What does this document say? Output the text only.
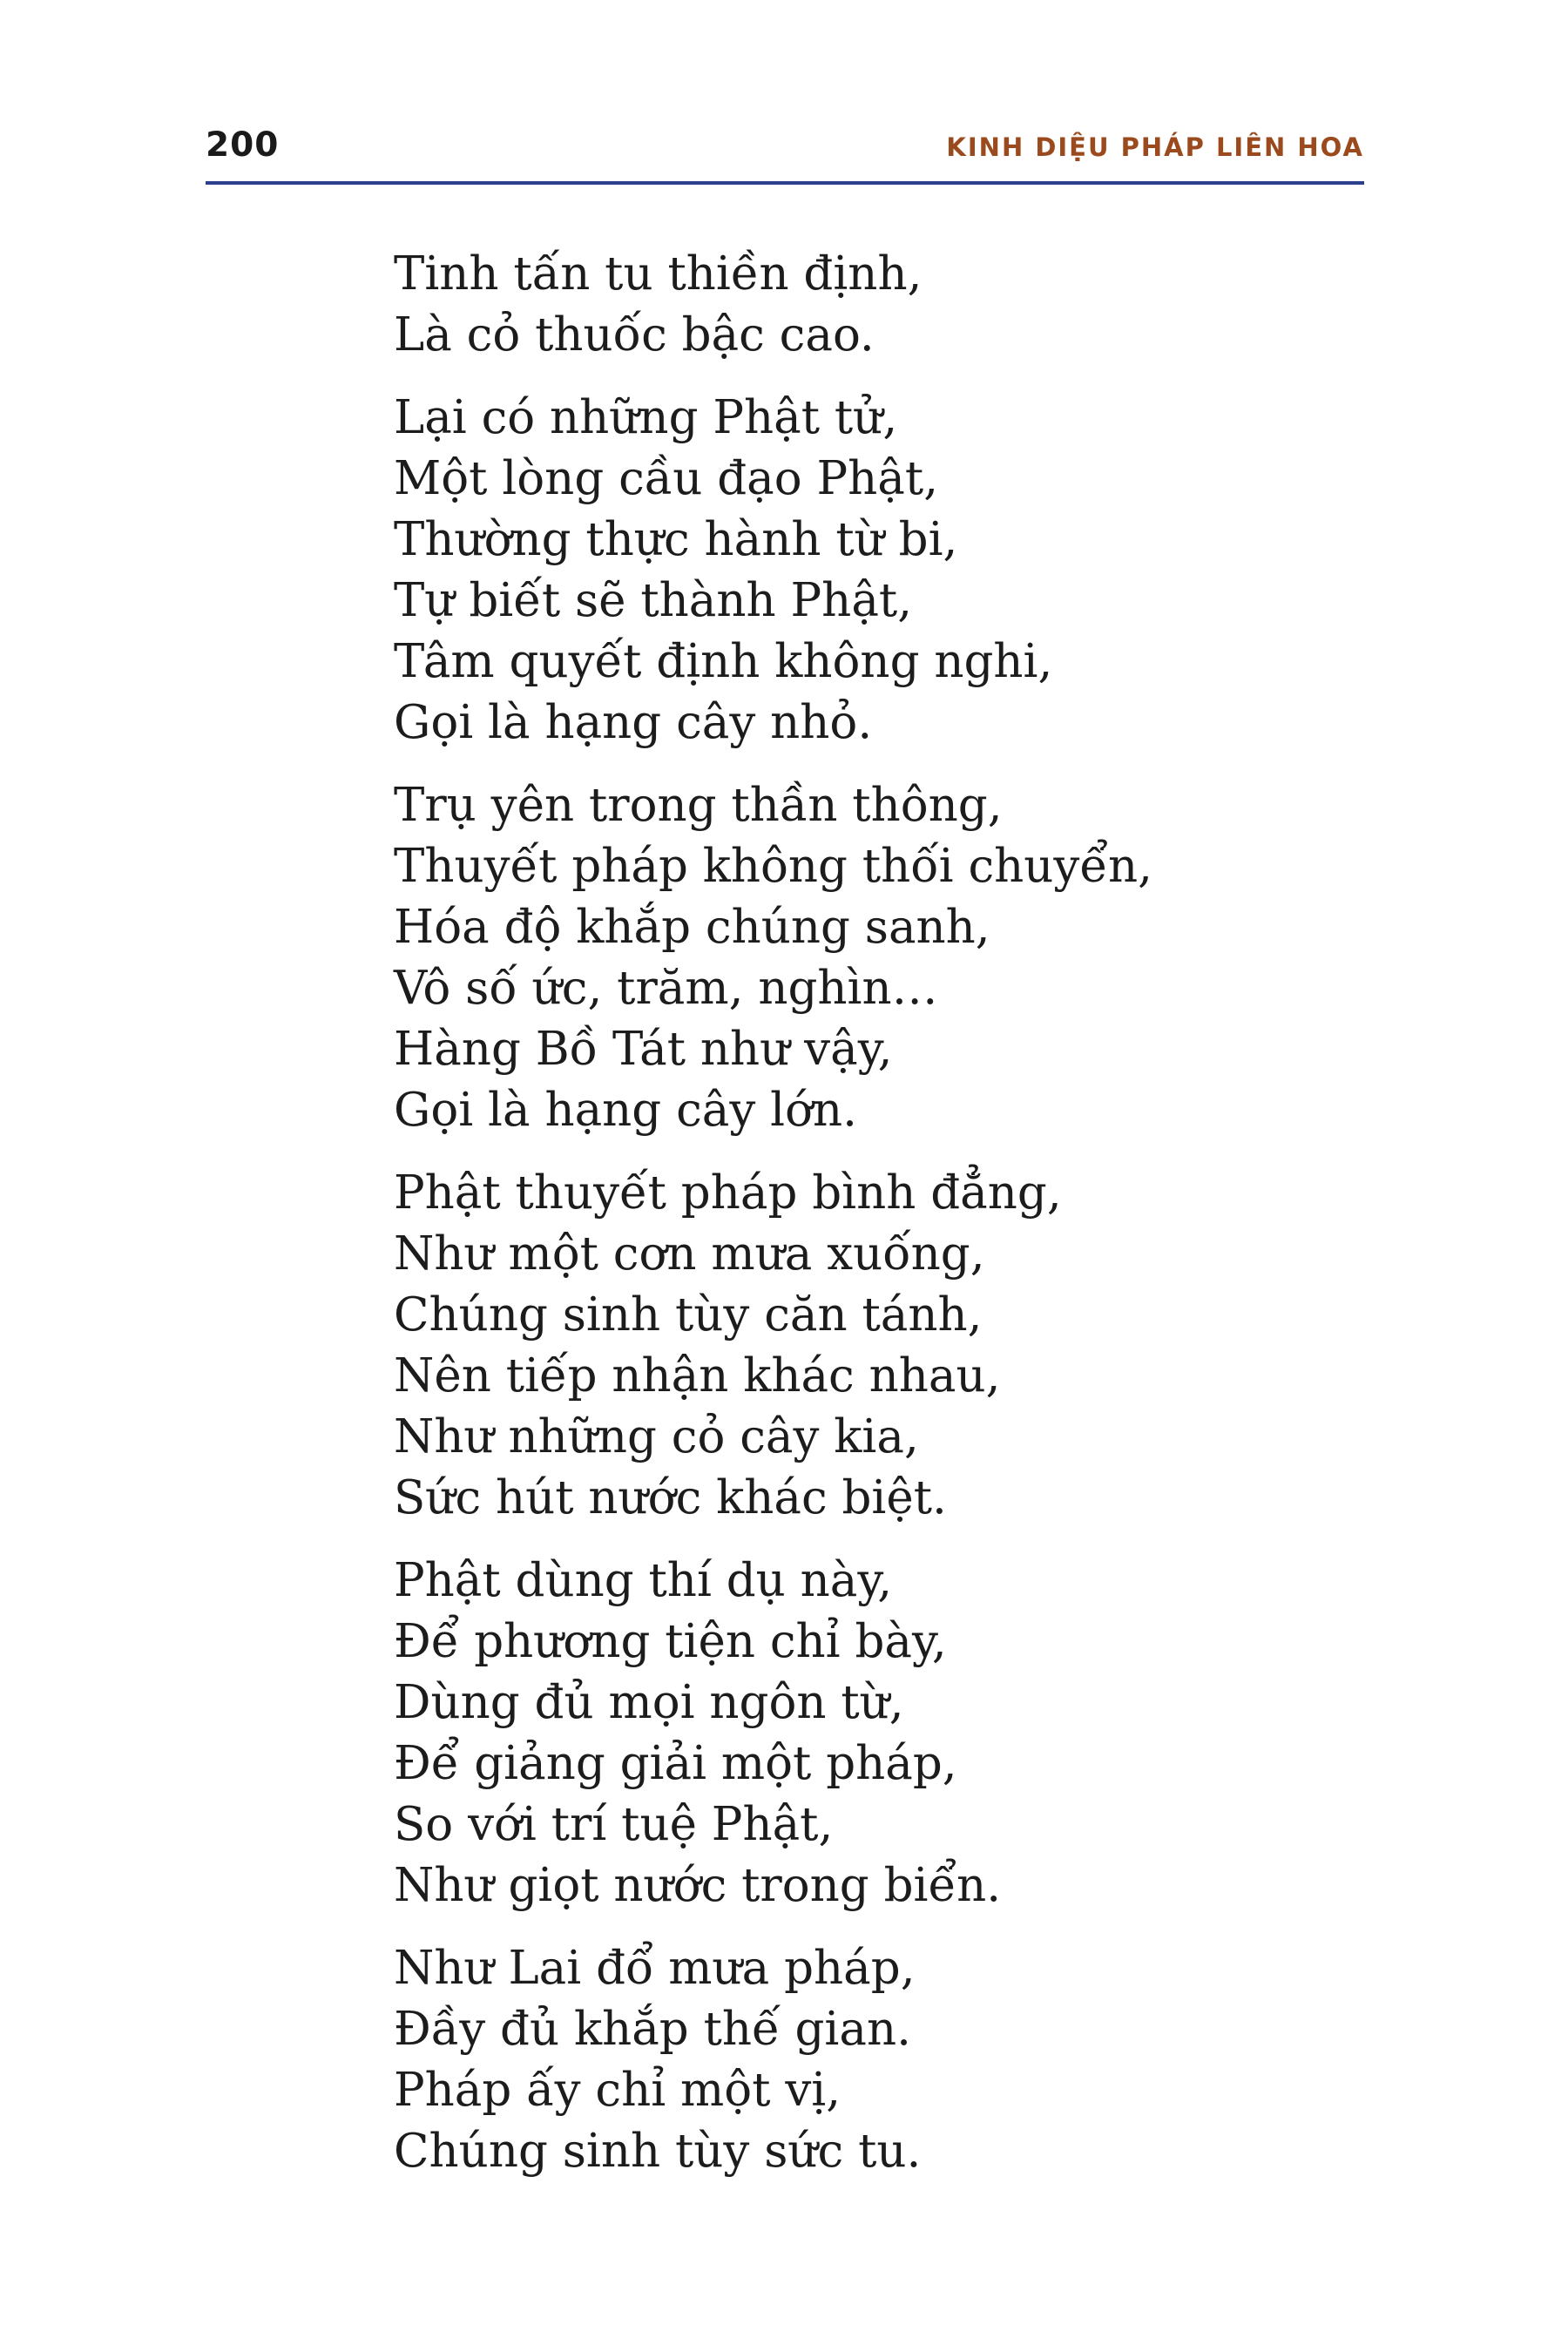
200	KINH DIỆU PHÁP LIÊN HOA
Tinh tấn tu thiền định,
Là cỏ thuốc bậc cao.
Lại có những Phật tử,
Một lòng cầu đạo Phật,
Thường thực hành từ bi,
Tự biết sẽ thành Phật,
Tâm quyết định không nghi,
Gọi là hạng cây nhỏ.
Trụ yên trong thần thông,
Thuyết pháp không thối chuyển,
Hóa độ khắp chúng sanh,
Vô số ức, trăm, nghìn…
Hàng Bồ Tát như vậy,
Gọi là hạng cây lớn.
Phật thuyết pháp bình đẳng,
Như một cơn mưa xuống,
Chúng sinh tùy căn tánh,
Nên tiếp nhận khác nhau,
Như những cỏ cây kia,
Sức hút nước khác biệt.
Phật dùng thí dụ này,
Để phương tiện chỉ bày,
Dùng đủ mọi ngôn từ,
Để giảng giải một pháp,
So với trí tuệ Phật,
Như giọt nước trong biển.
Như Lai đổ mưa pháp,
Đầy đủ khắp thế gian.
Pháp ấy chỉ một vị,
Chúng sinh tùy sức tu.
